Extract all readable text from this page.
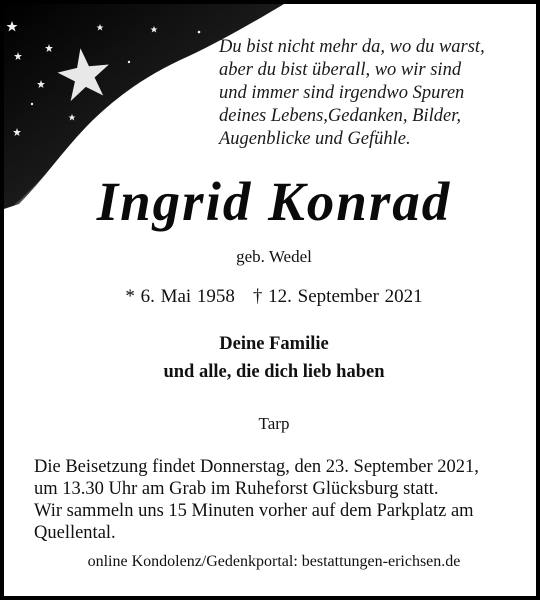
Du bist nicht mehr da, wo du warst,
aber du bist überall, wo wir sind
und immer sind irgendwo Spuren
deines Lebens,Gedanken, Bilder,
Augenblicke und Gefühle.
Ingrid Konrad
geb. Wedel
* 6. Mai 1958 † 12. September 2021
Deine Familie
und alle, die dich lieb haben
Tarp
Die Beisetzung findet Donnerstag, den 23. September 2021,
um 13.30 Uhr am Grab im Ruheforst Glücksburg statt.
Wir sammeln uns 15 Minuten vorher auf dem Parkplatz am
Quellental.
online Kondolenz/Gedenkportal: bestattungen-erichsen.de
